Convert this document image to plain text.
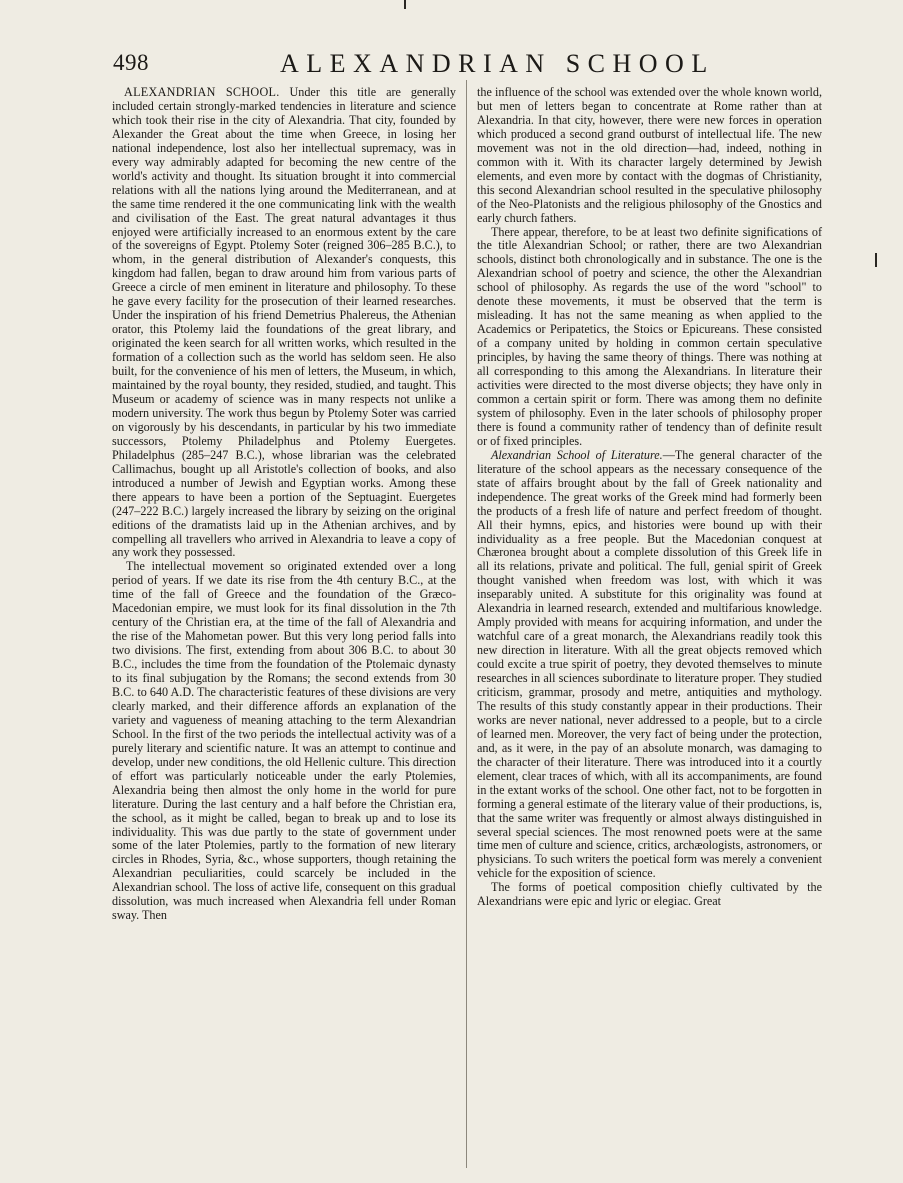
498	ALEXANDRIAN SCHOOL

ALEXANDRIAN SCHOOL. Under this title are generally included certain strongly-marked tendencies in literature and science which took their rise in the city of Alexandria. That city, founded by Alexander the Great about the time when Greece, in losing her national independence, lost also her intellectual supremacy, was in every way admirably adapted for becoming the new centre of the world's activity and thought. Its situation brought it into commercial relations with all the nations lying around the Mediterranean, and at the same time rendered it the one communicating link with the wealth and civilisation of the East. The great natural advantages it thus enjoyed were artificially increased to an enormous extent by the care of the sovereigns of Egypt. Ptolemy Soter (reigned 306–285 B.C.), to whom, in the general distribution of Alexander's conquests, this kingdom had fallen, began to draw around him from various parts of Greece a circle of men eminent in literature and philosophy. To these he gave every facility for the prosecution of their learned researches. Under the inspiration of his friend Demetrius Phalereus, the Athenian orator, this Ptolemy laid the foundations of the great library, and originated the keen search for all written works, which resulted in the formation of a collection such as the world has seldom seen. He also built, for the convenience of his men of letters, the Museum, in which, maintained by the royal bounty, they resided, studied, and taught. This Museum or academy of science was in many respects not unlike a modern university. The work thus begun by Ptolemy Soter was carried on vigorously by his descendants, in particular by his two immediate successors, Ptolemy Philadelphus and Ptolemy Euergetes. Philadelphus (285–247 B.C.), whose librarian was the celebrated Callimachus, bought up all Aristotle's collection of books, and also introduced a number of Jewish and Egyptian works. Among these there appears to have been a portion of the Septuagint. Euergetes (247–222 B.C.) largely increased the library by seizing on the original editions of the dramatists laid up in the Athenian archives, and by compelling all travellers who arrived in Alexandria to leave a copy of any work they possessed.

The intellectual movement so originated extended over a long period of years. If we date its rise from the 4th century B.C., at the time of the fall of Greece and the foundation of the Græco-Macedonian empire, we must look for its final dissolution in the 7th century of the Christian era, at the time of the fall of Alexandria and the rise of the Mahometan power. But this very long period falls into two divisions. The first, extending from about 306 B.C. to about 30 B.C., includes the time from the foundation of the Ptolemaic dynasty to its final subjugation by the Romans; the second extends from 30 B.C. to 640 A.D. The characteristic features of these divisions are very clearly marked, and their difference affords an explanation of the variety and vagueness of meaning attaching to the term Alexandrian School. In the first of the two periods the intellectual activity was of a purely literary and scientific nature. It was an attempt to continue and develop, under new conditions, the old Hellenic culture. This direction of effort was particularly noticeable under the early Ptolemies, Alexandria being then almost the only home in the world for pure literature. During the last century and a half before the Christian era, the school, as it might be called, began to break up and to lose its individuality. This was due partly to the state of government under some of the later Ptolemies, partly to the formation of new literary circles in Rhodes, Syria, &c., whose supporters, though retaining the Alexandrian peculiarities, could scarcely be included in the Alexandrian school. The loss of active life, consequent on this gradual dissolution, was much increased when Alexandria fell under Roman sway. Then

the influence of the school was extended over the whole known world, but men of letters began to concentrate at Rome rather than at Alexandria. In that city, however, there were new forces in operation which produced a second grand outburst of intellectual life. The new movement was not in the old direction—had, indeed, nothing in common with it. With its character largely determined by Jewish elements, and even more by contact with the dogmas of Christianity, this second Alexandrian school resulted in the speculative philosophy of the Neo-Platonists and the religious philosophy of the Gnostics and early church fathers.

There appear, therefore, to be at least two definite significations of the title Alexandrian School; or rather, there are two Alexandrian schools, distinct both chronologically and in substance. The one is the Alexandrian school of poetry and science, the other the Alexandrian school of philosophy. As regards the use of the word "school" to denote these movements, it must be observed that the term is misleading. It has not the same meaning as when applied to the Academics or Peripatetics, the Stoics or Epicureans. These consisted of a company united by holding in common certain speculative principles, by having the same theory of things. There was nothing at all corresponding to this among the Alexandrians. In literature their activities were directed to the most diverse objects; they have only in common a certain spirit or form. There was among them no definite system of philosophy. Even in the later schools of philosophy proper there is found a community rather of tendency than of definite result or of fixed principles.

Alexandrian School of Literature.—The general character of the literature of the school appears as the necessary consequence of the state of affairs brought about by the fall of Greek nationality and independence. The great works of the Greek mind had formerly been the products of a fresh life of nature and perfect freedom of thought. All their hymns, epics, and histories were bound up with their individuality as a free people. But the Macedonian conquest at Chæronea brought about a complete dissolution of this Greek life in all its relations, private and political. The full, genial spirit of Greek thought vanished when freedom was lost, with which it was inseparably united. A substitute for this originality was found at Alexandria in learned research, extended and multifarious knowledge. Amply provided with means for acquiring information, and under the watchful care of a great monarch, the Alexandrians readily took this new direction in literature. With all the great objects removed which could excite a true spirit of poetry, they devoted themselves to minute researches in all sciences subordinate to literature proper. They studied criticism, grammar, prosody and metre, antiquities and mythology. The results of this study constantly appear in their productions. Their works are never national, never addressed to a people, but to a circle of learned men. Moreover, the very fact of being under the protection, and, as it were, in the pay of an absolute monarch, was damaging to the character of their literature. There was introduced into it a courtly element, clear traces of which, with all its accompaniments, are found in the extant works of the school. One other fact, not to be forgotten in forming a general estimate of the literary value of their productions, is, that the same writer was frequently or almost always distinguished in several special sciences. The most renowned poets were at the same time men of culture and science, critics, archæologists, astronomers, or physicians. To such writers the poetical form was merely a convenient vehicle for the exposition of science.

The forms of poetical composition chiefly cultivated by the Alexandrians were epic and lyric or elegiac. Great
